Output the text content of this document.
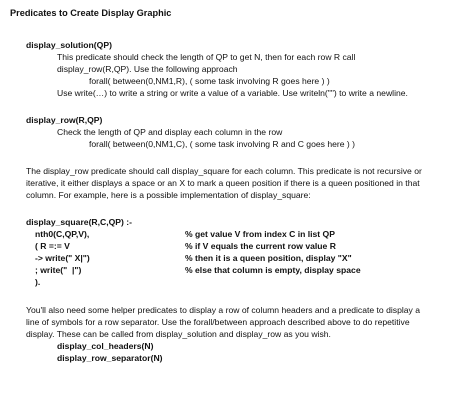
Predicates to Create Display Graphic
display_solution(QP)
This predicate should check the length of QP to get N, then for each row R call
display_row(R,QP). Use the following approach
forall( between(0,NM1,R), ( some task involving R goes here ) )
Use write(…) to write a string or write a value of a variable. Use writeln("") to write a newline.
display_row(R,QP)
Check the length of QP and display each column in the row
forall( between(0,NM1,C), ( some task involving R and C goes here ) )
The display_row predicate should call display_square for each column. This predicate is not recursive or
iterative, it either displays a space or an X to mark a queen position if there is a queen positioned in that
column. For example, here is a possible implementation of display_square:
display_square(R,C,QP) :-
nth0(C,QP,V),	% get value V from index C in list QP
( R =:= V	% if V equals the current row value R
-> write(" X|")	% then it is a queen position, display "X"
; write("  |")	% else that column is empty, display space
).
You'll also need some helper predicates to display a row of column headers and a predicate to display a
line of symbols for a row separator. Use the forall/between approach described above to do repetitive
display. These can be called from display_solution and display_row as you wish.
display_col_headers(N)
display_row_separator(N)
